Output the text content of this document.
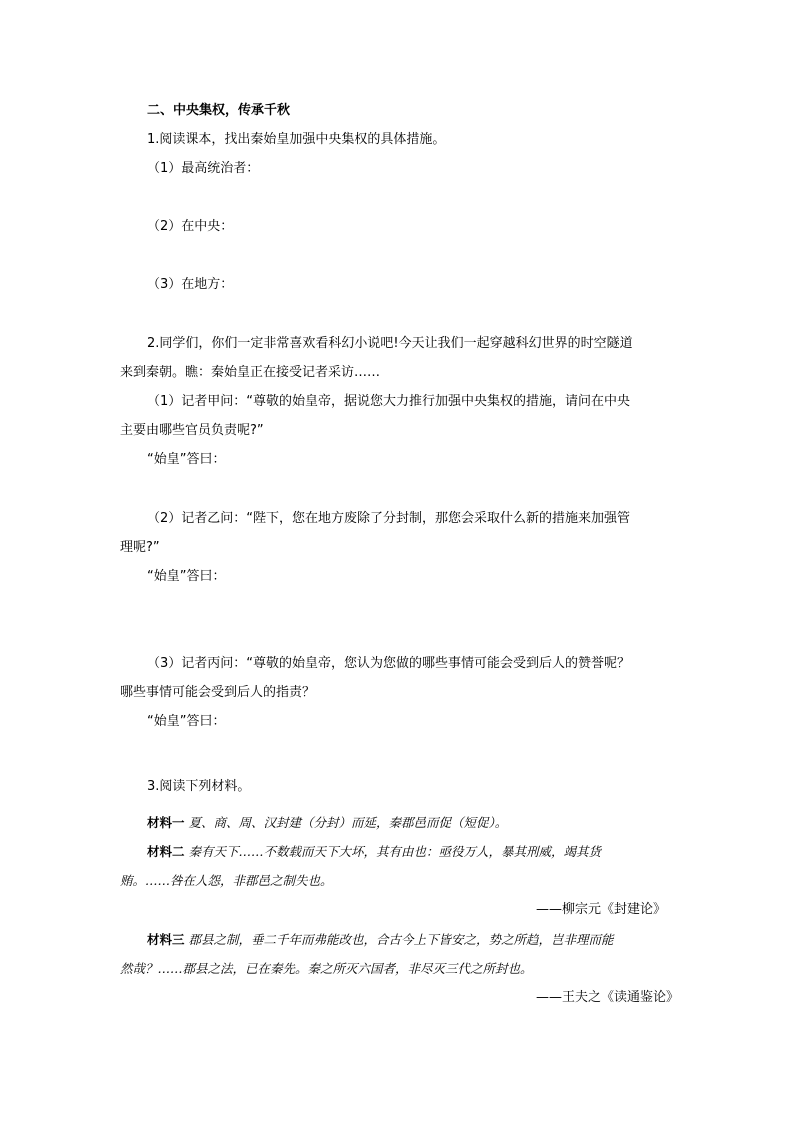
二、中央集权，传承千秋
1.阅读课本，找出秦始皇加强中央集权的具体措施。
（1）最高统治者：
（2）在中央：
（3）在地方：
2.同学们，你们一定非常喜欢看科幻小说吧!今天让我们一起穿越科幻世界的时空隧道
来到秦朝。瞧：秦始皇正在接受记者采访……
（1）记者甲问：“尊敬的始皇帝，据说您大力推行加强中央集权的措施，请问在中央
主要由哪些官员负责呢?”
“始皇”答曰：
（2）记者乙问：“陛下，您在地方废除了分封制，那您会采取什么新的措施来加强管
理呢?”
“始皇”答曰：
（3）记者丙问：“尊敬的始皇帝，您认为您做的哪些事情可能会受到后人的赞誉呢？
哪些事情可能会受到后人的指责？
“始皇”答曰：
3.阅读下列材料。
材料一 夏、商、周、汉封建（分封）而延，秦郡邑而促（短促）。
材料二 秦有天下……不数载而天下大坏，其有由也：亟役万人，暴其刑威，竭其货
贿。……咎在人怨，非郡邑之制失也。
——柳宗元《封建论》
材料三 郡县之制，垂二千年而弗能改也，合古今上下皆安之，势之所趋，岂非理而能
然哉？……郡县之法，已在秦先。秦之所灭六国者，非尽灭三代之所封也。
——王夫之《读通鉴论》
